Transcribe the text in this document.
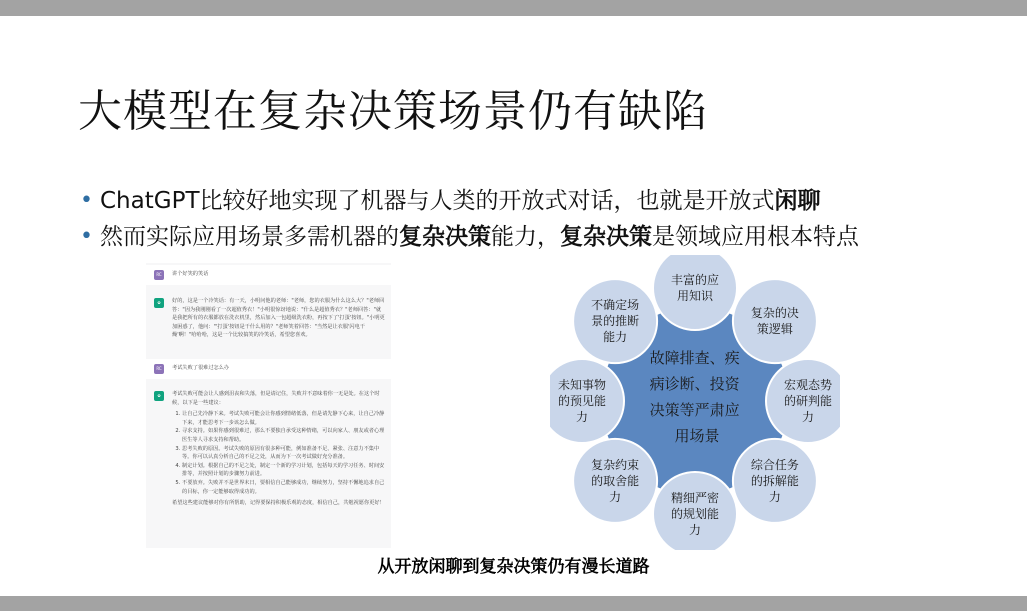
大模型在复杂决策场景仍有缺陷
• ChatGPT比较好地实现了机器与人类的开放式对话，也就是开放式闲聊
• 然而实际应用场景多需机器的复杂决策能力，复杂决策是领域应用根本特点
RC	讲个好笑的笑话
✿	好的，这是一个冷笑话：有一天，小明问他的老师："老师，您的衣服为什么这么大？"老师回答："因为我刚刚看了一次超值秀衣！"小明很惊讶地说："什么是超值秀衣？"老师回答："就是我把所有的衣服都放在洗衣机里，然后加入一包超级洗衣粉，再按下了'打蛋'按钮。"小明更加困惑了，他问："'打蛋'按钮是干什么用的？"老师笑着回答："当然是让衣服'闪电干燥'啊！"哈哈哈，这是一个比较搞笑的冷笑话，希望您喜欢。
RC	考试失败了很难过怎么办
✿	考试失败可能会让人感到沮丧和失落，但是请记住，失败并不意味着你一无是处。在这个时候，以下是一些建议：

1. 让自己先冷静下来。考试失败可能会让你感到情绪低落，但是请先静下心来，让自己冷静下来，才能思考下一步该怎么做。
2. 寻求支持。如果你感到很难过，那么不要独自承受这种情绪，可以向家人、朋友或者心理医生等人寻求支持和帮助。
3. 思考失败的原因。考试失败的原因有很多种可能，例如准备不足、紧张、注意力不集中等。你可以认真分析自己的不足之处，从而为下一次考试做好充分准备。
4. 制定计划。根据自己的不足之处，制定一个新的学习计划，包括每天的学习任务、时间安排等，并按照计划的步骤努力前进。
5. 不要放弃。失败并不是世界末日，要相信自己能够成功，继续努力，坚持不懈地追求自己的目标，你一定能够取得成功的。

希望这些建议能够对你有所帮助，记得要保持积极乐观的态度，相信自己，共勉祝愿你更好！

丰富的应用知识
复杂的决策逻辑
宏观态势的研判能力
综合任务的拆解能力
精细严密的规划能力
复杂约束的取舍能力
未知事物的预见能力
不确定场景的推断能力
故障排查、疾 病诊断、投资 决策等严肃应 用场景
从开放闲聊到复杂决策仍有漫长道路
